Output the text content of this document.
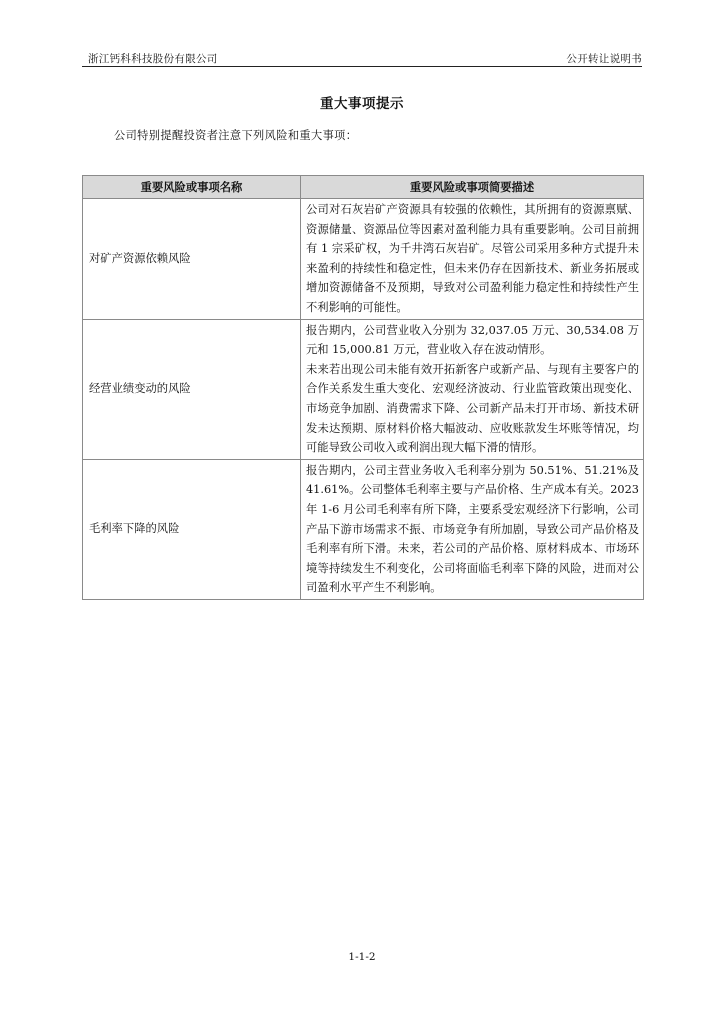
浙江钙科科技股份有限公司	公开转让说明书
重大事项提示
公司特别提醒投资者注意下列风险和重大事项：
重要风险或事项名称	重要风险或事项简要描述
对矿产资源依赖风险	公司对石灰岩矿产资源具有较强的依赖性，其所拥有的资源禀赋、资源储量、资源品位等因素对盈利能力具有重要影响。公司目前拥有 1 宗采矿权，为千井湾石灰岩矿。尽管公司采用多种方式提升未来盈利的持续性和稳定性，但未来仍存在因新技术、新业务拓展或增加资源储备不及预期，导致对公司盈利能力稳定性和持续性产生不利影响的可能性。

经营业绩变动的风险	报告期内，公司营业收入分别为 32,037.05 万元、30,534.08 万元和 15,000.81 万元，营业收入存在波动情形。

未来若出现公司未能有效开拓新客户或新产品、与现有主要客户的合作关系发生重大变化、宏观经济波动、行业监管政策出现变化、市场竞争加剧、消费需求下降、公司新产品未打开市场、新技术研发未达预期、原材料价格大幅波动、应收账款发生坏账等情况，均可能导致公司收入或利润出现大幅下滑的情形。

毛利率下降的风险	报告期内，公司主营业务收入毛利率分别为 50.51%、51.21%及 41.61%。公司整体毛利率主要与产品价格、生产成本有关。2023 年 1-6 月公司毛利率有所下降，主要系受宏观经济下行影响，公司产品下游市场需求不振、市场竞争有所加剧，导致公司产品价格及毛利率有所下滑。未来，若公司的产品价格、原材料成本、市场环境等持续发生不利变化，公司将面临毛利率下降的风险，进而对公司盈利水平产生不利影响。

1-1-2
